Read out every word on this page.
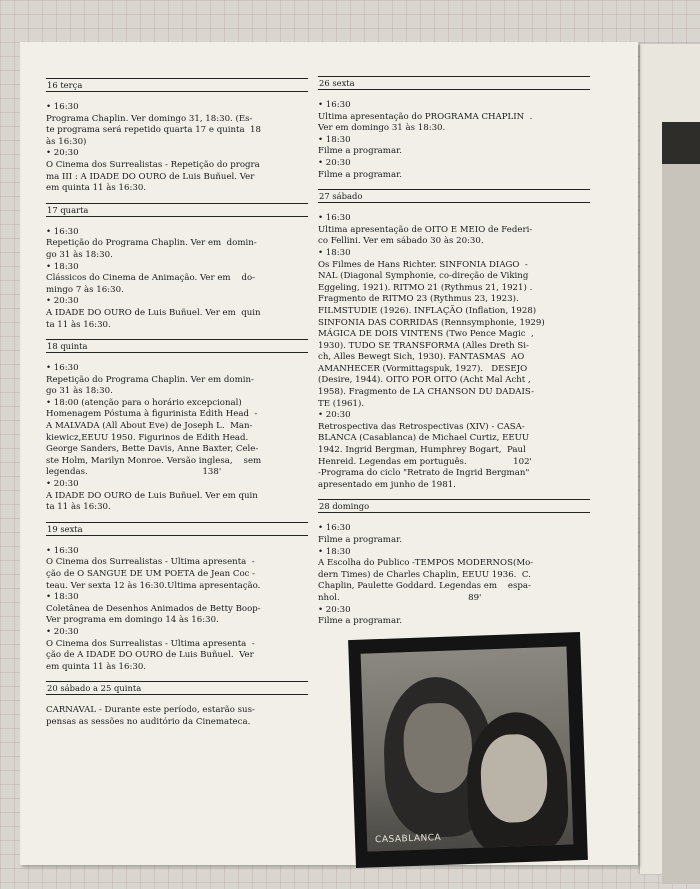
16 terça
• 16:30
Programa Chaplin. Ver domingo 31, 18:30. (Es-
te programa será repetido quarta 17 e quinta  18
às 16:30)
• 20:30
O Cinema dos Surrealistas - Repetição do progra
ma III : A IDADE DO OURO de Luis Buñuel. Ver
em quinta 11 às 16:30.
17 quarta
• 16:30
Repetição do Programa Chaplin. Ver em  domin-
go 31 às 18:30.
• 18:30
Clássicos do Cinema de Animação. Ver em    do-
mingo 7 às 16:30.
• 20:30
A IDADE DO OURO de Luis Buñuel. Ver em  quin
ta 11 às 16:30.
18 quinta
• 16:30
Repetição do Programa Chaplin. Ver em domin-
go 31 às 18:30.
• 18:00 (atenção para o horário excepcional)
Homenagem Póstuma à figurinista Edith Head  -
A MALVADA (All About Eve) de Joseph L.  Man-
kiewicz,EEUU 1950. Figurinos de Edith Head.
George Sanders, Bette Davis, Anne Baxter, Cele-
ste Holm, Marilyn Monroe. Versão inglesa,    sem
legendas.                                          138'
• 20:30
A IDADE DO OURO de Luis Buñuel. Ver em quin
ta 11 às 16:30.
19 sexta
• 16:30
O Cinema dos Surrealistas - Ultima apresenta  -
ção de O SANGUE DE UM POETA de Jean Coc -
teau. Ver sexta 12 às 16:30.Ultima apresentação.
• 18:30
Coletânea de Desenhos Animados de Betty Boop-
Ver programa em domingo 14 às 16:30.
• 20:30
O Cinema dos Surrealistas - Ultima apresenta  -
ção de A IDADE DO OURO de Luis Buñuel.  Ver
em quinta 11 às 16:30.
20 sábado a 25 quinta
CARNAVAL - Durante este período, estarão sus-
pensas as sessões no auditório da Cinemateca.
26 sexta
• 16:30
Ultima apresentação do PROGRAMA CHAPLIN  .
Ver em domingo 31 às 18:30.
• 18:30
Filme a programar.
• 20:30
Filme a programar.
27 sábado
• 16:30
Ultima apresentação de OITO E MEIO de Federi-
co Fellini. Ver em sábado 30 às 20:30.
• 18:30
Os Filmes de Hans Richter. SINFONIA DIAGO  -
NAL (Diagonal Symphonie, co-direção de Viking
Eggeling, 1921). RITMO 21 (Rythmus 21, 1921) .
Fragmento de RITMO 23 (Rythmus 23, 1923).
FILMSTUDIE (1926). INFLAÇÃO (Inflation, 1928)
SINFONIA DAS CORRIDAS (Rennsymphonie, 1929)
MÁGICA DE DOIS VINTENS (Two Pence Magic  ,
1930). TUDO SE TRANSFORMA (Alles Dreth Si-
ch, Alles Bewegt Sich, 1930). FANTASMAS  AO
AMANHECER (Vormittagspuk, 1927).   DESEJO
(Desire, 1944). OITO POR OITO (Acht Mal Acht ,
1958). Fragmento de LA CHANSON DU DADAIS-
TE (1961).
• 20:30
Retrospectiva das Retrospectivas (XIV) - CASA-
BLANCA (Casablanca) de Michael Curtiz, EEUU
1942. Ingrid Bergman, Humphrey Bogart,  Paul
Henreid. Legendas em português.                 102'
-Programa do ciclo "Retrato de Ingrid Bergman"
apresentado em junho de 1981.
28 domingo
• 16:30
Filme a programar.
• 18:30
A Escolha do Publico -TEMPOS MODERNOS(Mo-
dern Times) de Charles Chaplin, EEUU 1936.  C.
Chaplin, Paulette Goddard. Legendas em    espa-
nhol.                                               89'
• 20:30
Filme a programar.
CASABLANCA
